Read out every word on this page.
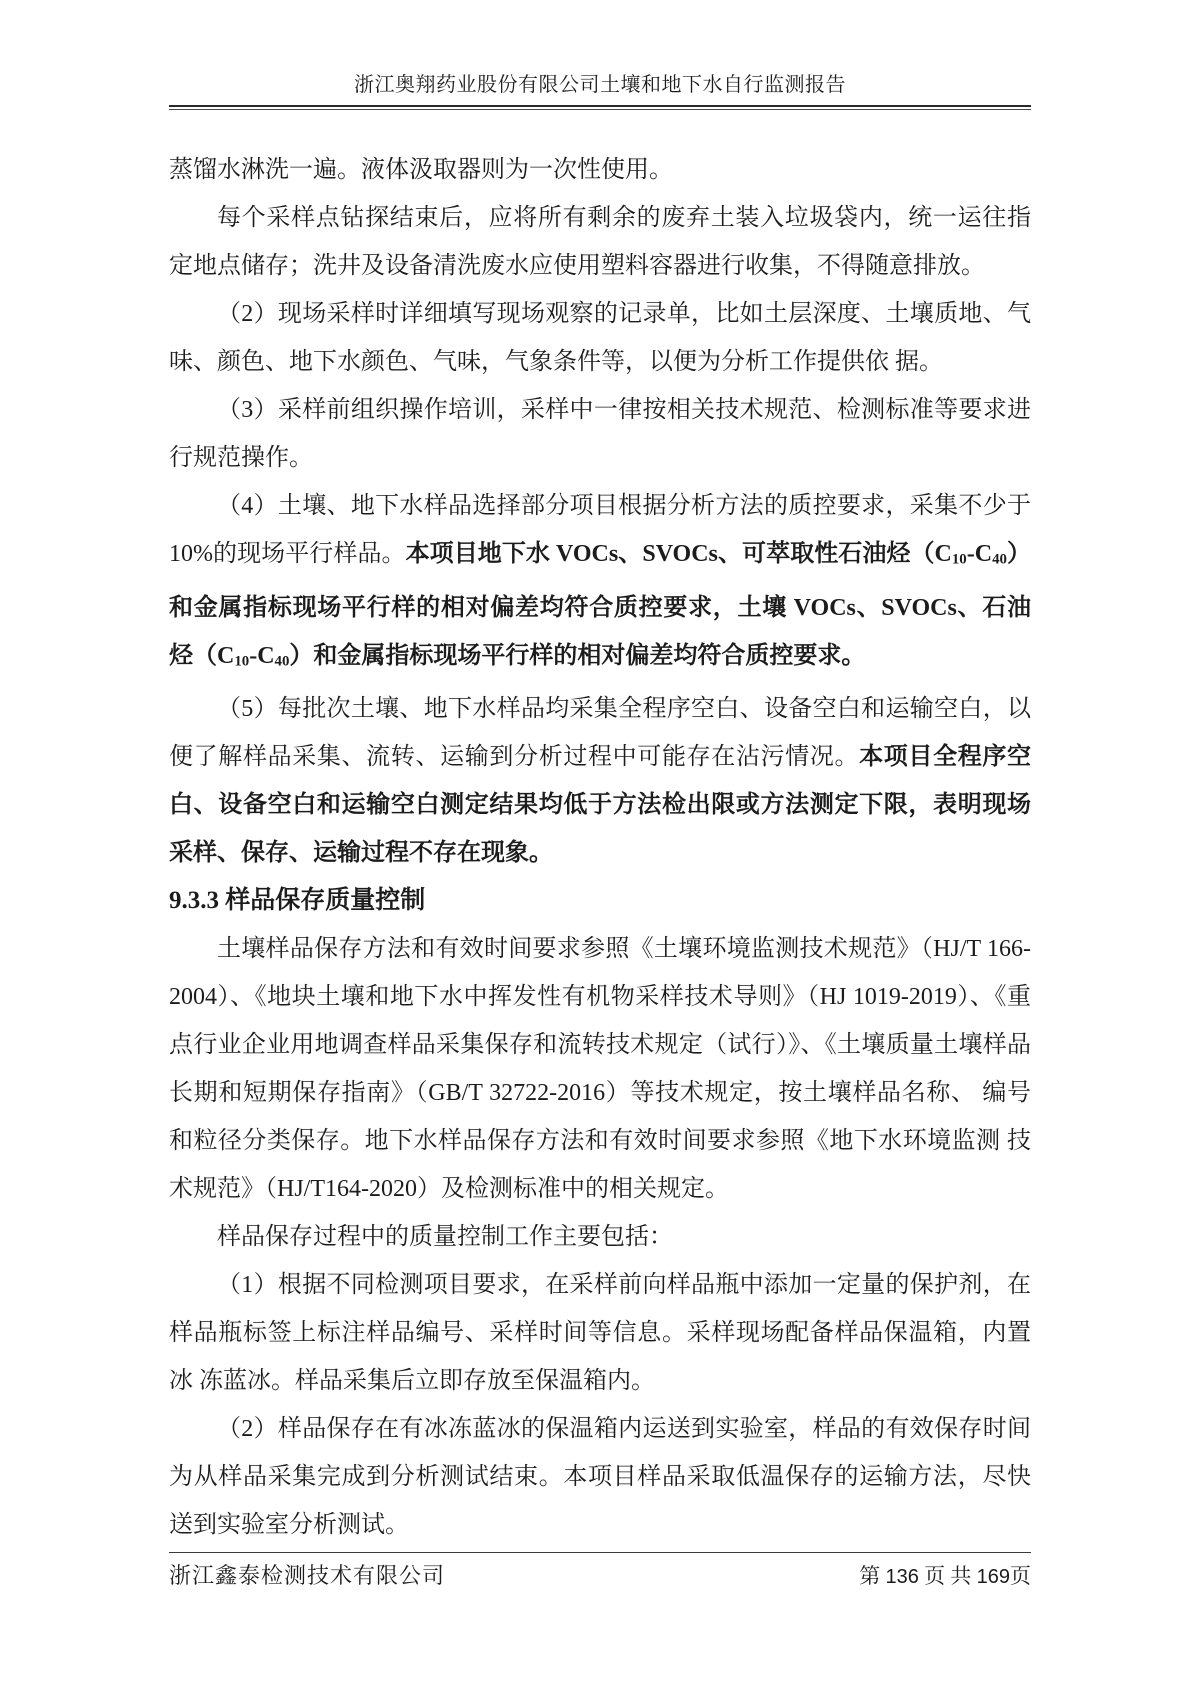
浙江奥翔药业股份有限公司土壤和地下水自行监测报告

蒸馏水淋洗一遍。液体汲取器则为一次性使用。

每个采样点钻探结束后，应将所有剩余的废弃土装入垃圾袋内，统一运往指定地点储存；洗井及设备清洗废水应使用塑料容器进行收集，不得随意排放。

（2）现场采样时详细填写现场观察的记录单，比如土层深度、土壤质地、气味、颜色、地下水颜色、气味，气象条件等，以便为分析工作提供依 据。

（3）采样前组织操作培训，采样中一律按相关技术规范、检测标准等要求进行规范操作。

（4）土壤、地下水样品选择部分项目根据分析方法的质控要求，采集不少于 10%的现场平行样品。本项目地下水 VOCs、SVOCs、可萃取性石油烃（C10-C40）和金属指标现场平行样的相对偏差均符合质控要求，土壤 VOCs、SVOCs、石油烃（C10-C40）和金属指标现场平行样的相对偏差均符合质控要求。

（5）每批次土壤、地下水样品均采集全程序空白、设备空白和运输空白，以便了解样品采集、流转、运输到分析过程中可能存在沾污情况。本项目全程序空白、设备空白和运输空白测定结果均低于方法检出限或方法测定下限，表明现场采样、保存、运输过程不存在现象。

9.3.3 样品保存质量控制

土壤样品保存方法和有效时间要求参照《土壤环境监测技术规范》（HJ/T 166-2004）、《地块土壤和地下水中挥发性有机物采样技术导则》（HJ 1019-2019）、《重点行业企业用地调查样品采集保存和流转技术规定（试行）》、《土壤质量土壤样品长期和短期保存指南》（GB/T 32722-2016）等技术规定，按土壤样品名称、 编号和粒径分类保存。地下水样品保存方法和有效时间要求参照《地下水环境监测 技术规范》（HJ/T164-2020）及检测标准中的相关规定。

样品保存过程中的质量控制工作主要包括：

（1）根据不同检测项目要求，在采样前向样品瓶中添加一定量的保护剂，在样品瓶标签上标注样品编号、采样时间等信息。采样现场配备样品保温箱，内置冰 冻蓝冰。样品采集后立即存放至保温箱内。

（2）样品保存在有冰冻蓝冰的保温箱内运送到实验室，样品的有效保存时间为从样品采集完成到分析测试结束。本项目样品采取低温保存的运输方法，尽快送到实验室分析测试。

浙江鑫泰检测技术有限公司	第 136 页 共 169页
